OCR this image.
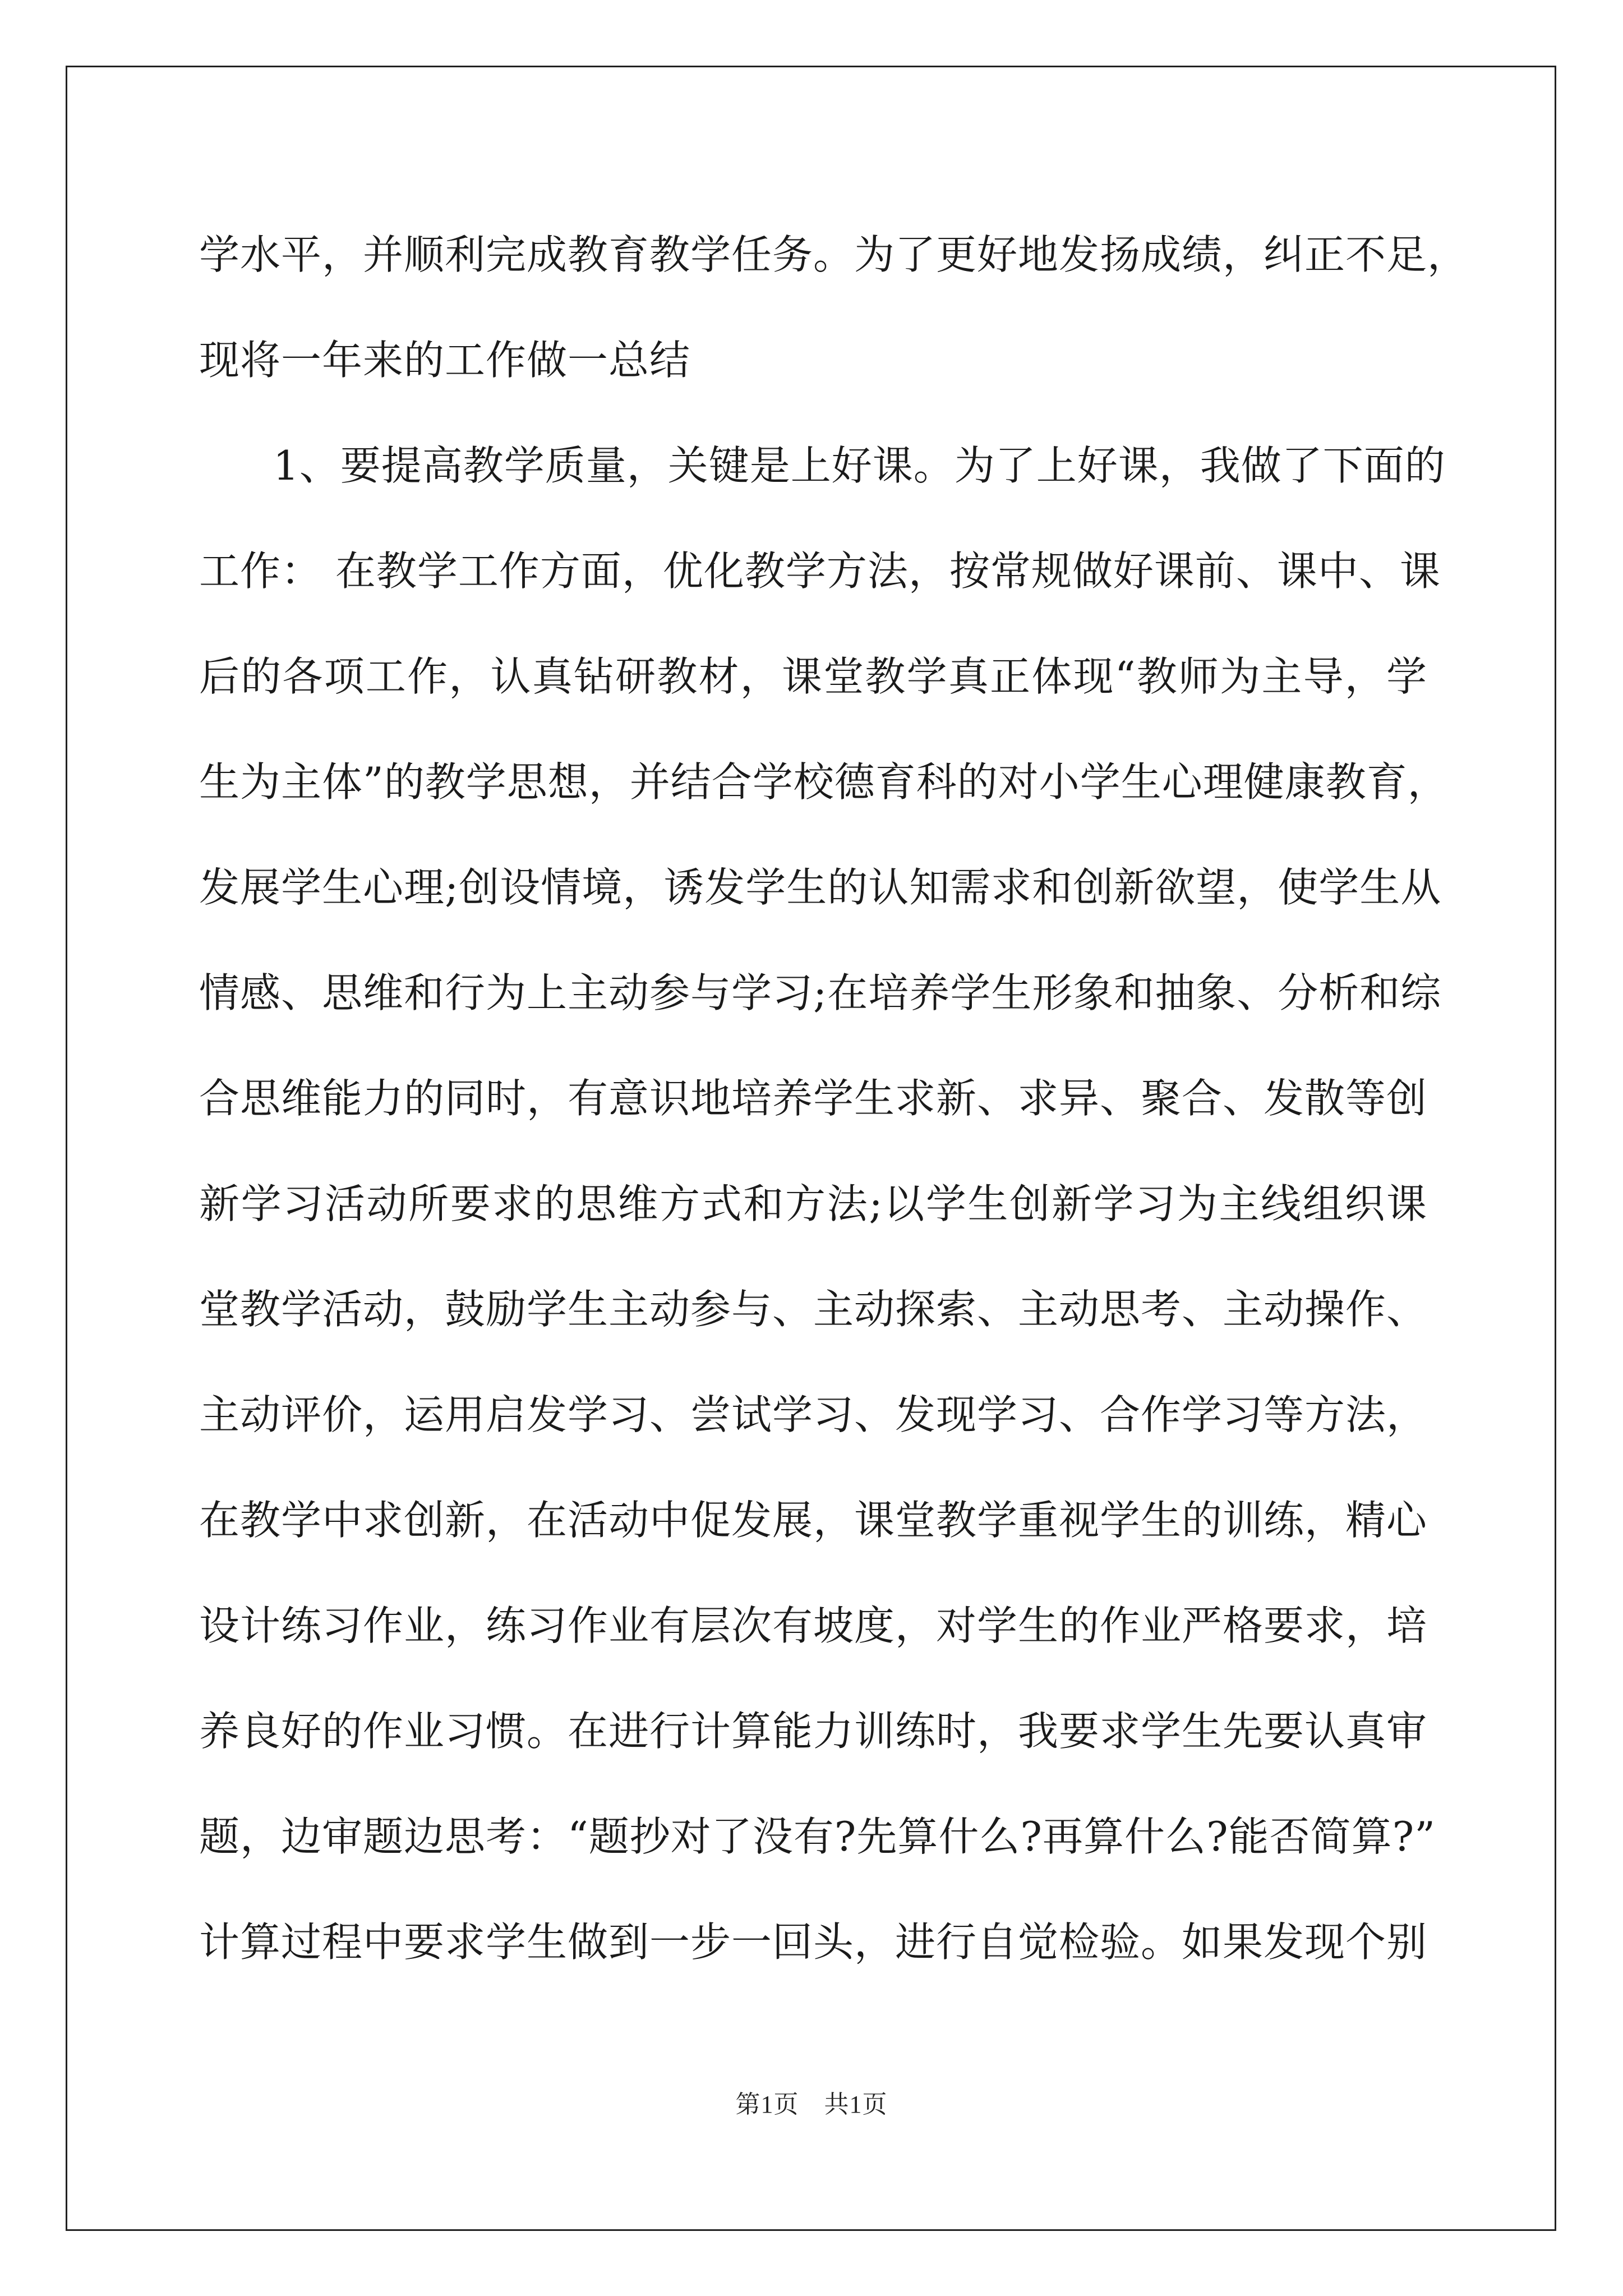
学水平，并顺利完成教育教学任务。为了更好地发扬成绩，纠正不足，
现将一年来的工作做一总结
1、要提高教学质量，关键是上好课。为了上好课，我做了下面的
工作： 在教学工作方面，优化教学方法，按常规做好课前、课中、课
后的各项工作，认真钻研教材，课堂教学真正体现“教师为主导，学
生为主体”的教学思想，并结合学校德育科的对小学生心理健康教育，
发展学生心理;创设情境，诱发学生的认知需求和创新欲望，使学生从
情感、思维和行为上主动参与学习;在培养学生形象和抽象、分析和综
合思维能力的同时，有意识地培养学生求新、求异、聚合、发散等创
新学习活动所要求的思维方式和方法;以学生创新学习为主线组织课
堂教学活动，鼓励学生主动参与、主动探索、主动思考、主动操作、
主动评价，运用启发学习、尝试学习、发现学习、合作学习等方法，
在教学中求创新，在活动中促发展，课堂教学重视学生的训练，精心
设计练习作业，练习作业有层次有坡度，对学生的作业严格要求，培
养良好的作业习惯。在进行计算能力训练时，我要求学生先要认真审
题，边审题边思考：“题抄对了没有?先算什么?再算什么?能否简算?”
计算过程中要求学生做到一步一回头，进行自觉检验。如果发现个别
第1页　共1页
